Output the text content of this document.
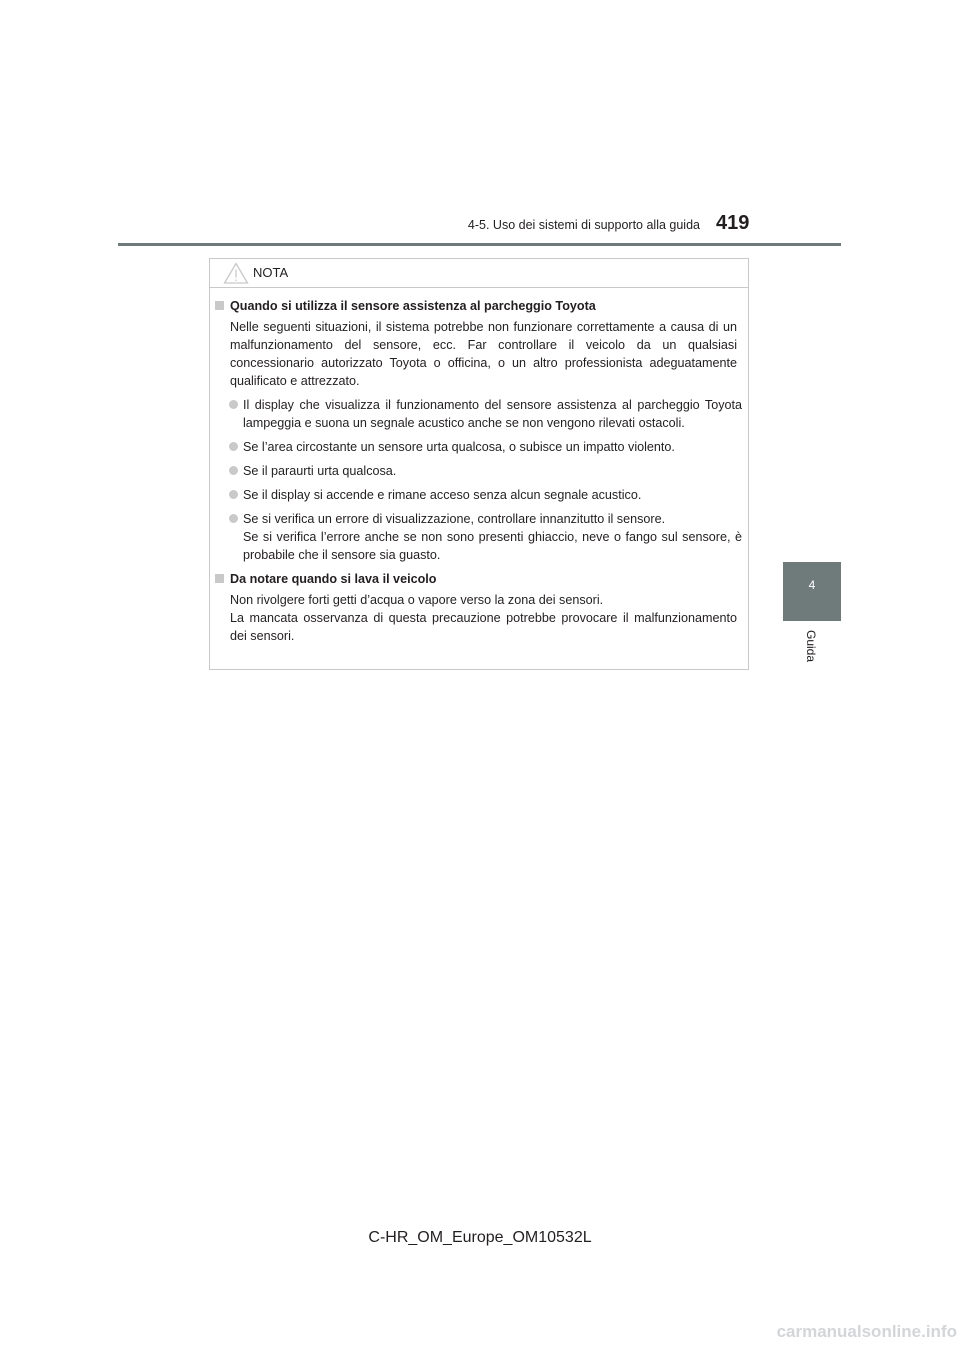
4-5. Uso dei sistemi di supporto alla guida 419
4
Guida
NOTA
Quando si utilizza il sensore assistenza al parcheggio Toyota
Nelle seguenti situazioni, il sistema potrebbe non funzionare correttamente a causa di un malfunzionamento del sensore, ecc. Far controllare il veicolo da un qualsiasi concessionario autorizzato Toyota o officina, o un altro professionista adeguatamente qualificato e attrezzato.
Il display che visualizza il funzionamento del sensore assistenza al parcheggio Toyota lampeggia e suona un segnale acustico anche se non vengono rilevati ostacoli.
Se l’area circostante un sensore urta qualcosa, o subisce un impatto violento.
Se il paraurti urta qualcosa.
Se il display si accende e rimane acceso senza alcun segnale acustico.
Se si verifica un errore di visualizzazione, controllare innanzitutto il sensore.
Se si verifica l’errore anche se non sono presenti ghiaccio, neve o fango sul sensore, è probabile che il sensore sia guasto.
Da notare quando si lava il veicolo
Non rivolgere forti getti d’acqua o vapore verso la zona dei sensori.
La mancata osservanza di questa precauzione potrebbe provocare il malfunzionamento dei sensori.
C-HR_OM_Europe_OM10532L
carmanualsonline.info
